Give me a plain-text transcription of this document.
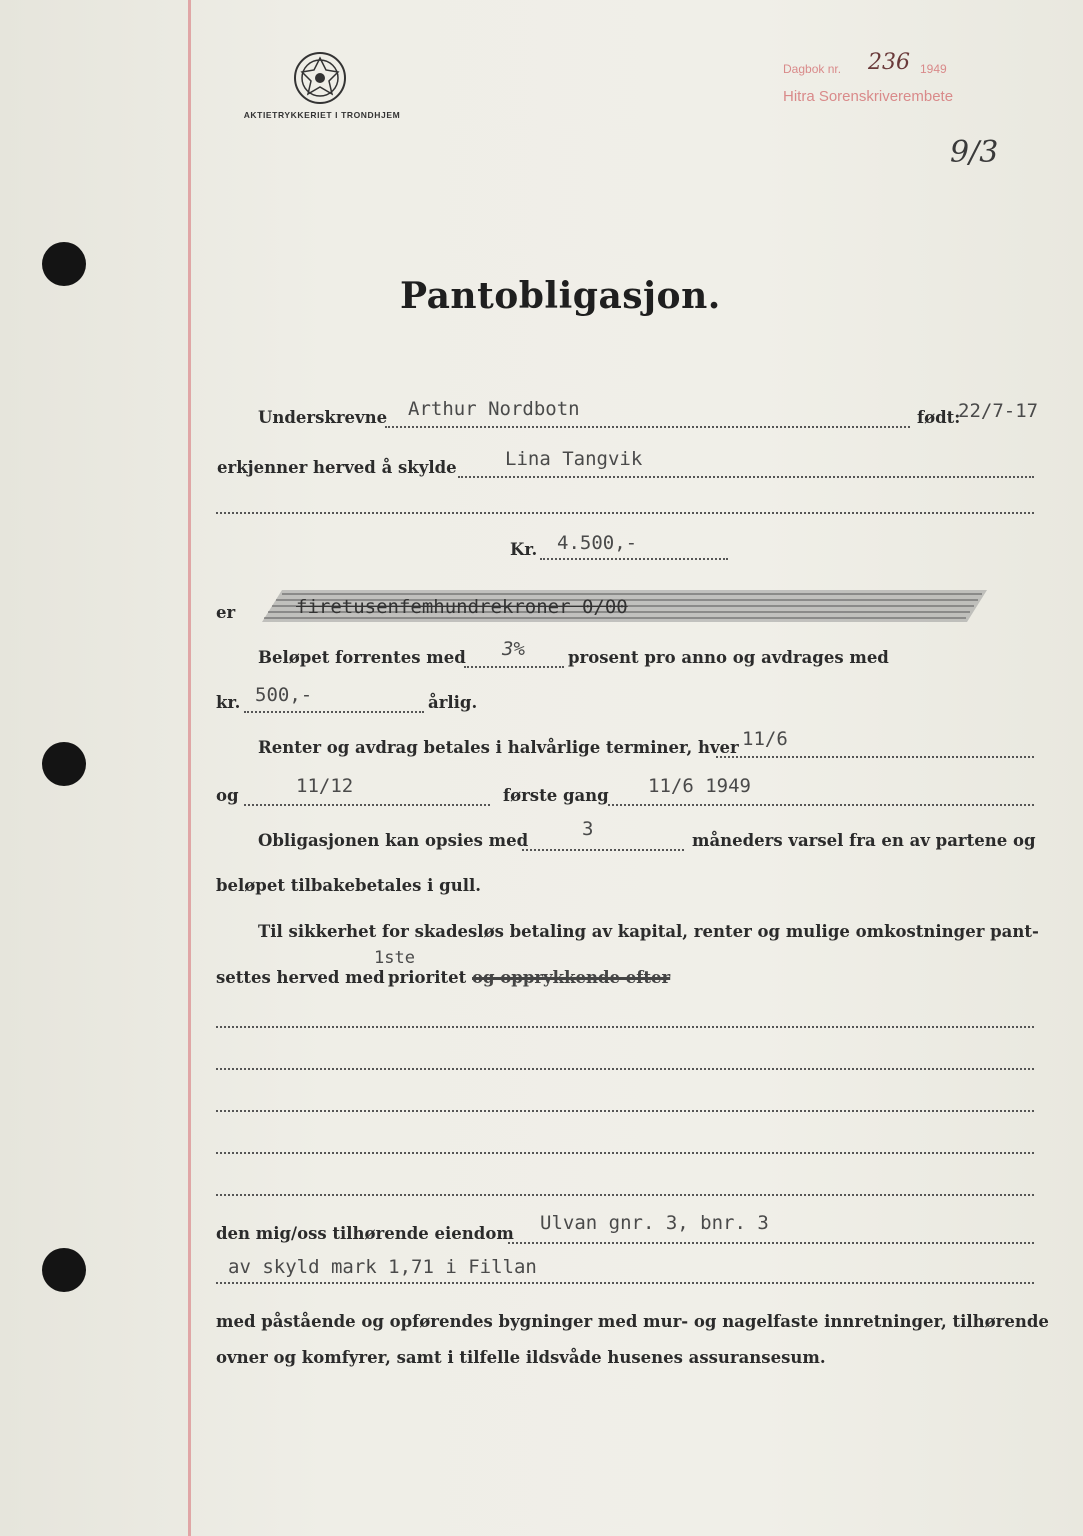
AKTIETRYKKERIET I TRONDHJEM
Dagbok nr. 236 1949
Hitra Sorenskriverembete
9/3
Pantobligasjon.
Underskrevne Arthur Nordbotn	født:
22/7-17
erkjenner herved å skylde	Lina Tangvik
Kr. 4.500,-
er	firetusenfemhundrekroner 0/00
Beløpet forrentes med 3%	prosent pro anno og avdrages med
kr. 500,-	årlig.
Renter og avdrag betales i halvårlige terminer, hver 11/6
og	11/12	første gang 11/6 1949
Obligasjonen kan opsies med
3
måneders varsel fra en av partene og
beløpet tilbakebetales i gull.
Til sikkerhet for skadesløs betaling av kapital, renter og mulige omkostninger pant-
settes herved med
1ste
prioritet og opprykkende efter
den mig/oss tilhørende eiendom Ulvan gnr. 3, bnr. 3
av skyld mark 1,71 i Fillan
med påstående og opførendes bygninger med mur- og nagelfaste innretninger, tilhørende
ovner og komfyrer, samt i tilfelle ildsvåde husenes assuransesum.
